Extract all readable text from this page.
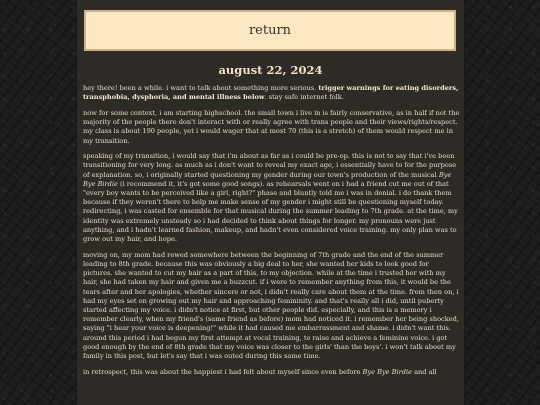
return
august 22, 2024

hey there! been a while. i want to talk about something more serious. trigger warnings for eating disorders, transphobia, dysphoria, and mental illness below. stay safe internet folk.

now for some context, i am starting highschool. the small town i live in is fairly conservative, as in half if not the majority of the people there don't interact with or really agree with trans people and their views/rights/respect. my class is about 190 people, yet i would wager that at most 70 (this is a stretch) of them would respect me in my transition.

speaking of my transition, i would say that i'm about as far as i could be pre-op. this is not to say that i've been transitioning for very long. as much as i don't want to reveal my exact age, i essentially have to for the purpose of explanation. so, i originally started questioning my gender during our town's production of the musical Bye Bye Birdie (i recommend it, it's got some good songs). as rehearsals went on i had a friend cut me out of that "every boy wants to be perceived like a girl, right?" phase and bluntly told me i was in denial. i do thank them because if they weren't there to help me make sense of my gender i might still be questioning myself today. redirecting, i was casted for ensemble for that musical during the summer leading to 7th grade. at the time, my identity was extremely unsteady so i had decided to think about things for longer. my pronouns were just anything, and i hadn't learned fashion, makeup, and hadn't even considered voice training. my only plan was to grow out my hair, and hope.

moving on, my mom had rewed somewhere between the beginning of 7th grade and the end of the summer leading to 8th grade. because this was obviously a big deal to her, she wanted her kids to look good for pictures. she wanted to cut my hair as a part of this, to my objection. while at the time i trusted her with my hair, she had taken my hair and given me a buzzcut. if i were to remember anything from this, it would be the tears after and her apologies, whether sincere or not, i didn't really care about them at the time. from then on, i had my eyes set on growing out my hair and approaching femininity. and that's really all i did, until puberty started affecting my voice. i didn't notice at first, but other people did. especially, and this is a memory i remember clearly, when my friend's (same friend as before) mom had noticed it. i remember her being shocked, saying "i hear your voice is deepening!" while it had caused me embarrassment and shame. i didn't want this. around this period i had begun my first attempt at vocal training, to raise and achieve a feminine voice. i got good enough by the end of 8th grade that my voice was closer to the girls' than the boys'. i won't talk about my family in this post, but let's say that i was outed during this same time.

in retrospect, this was about the happiest i had felt about myself since even before Bye Bye Birdie and all
